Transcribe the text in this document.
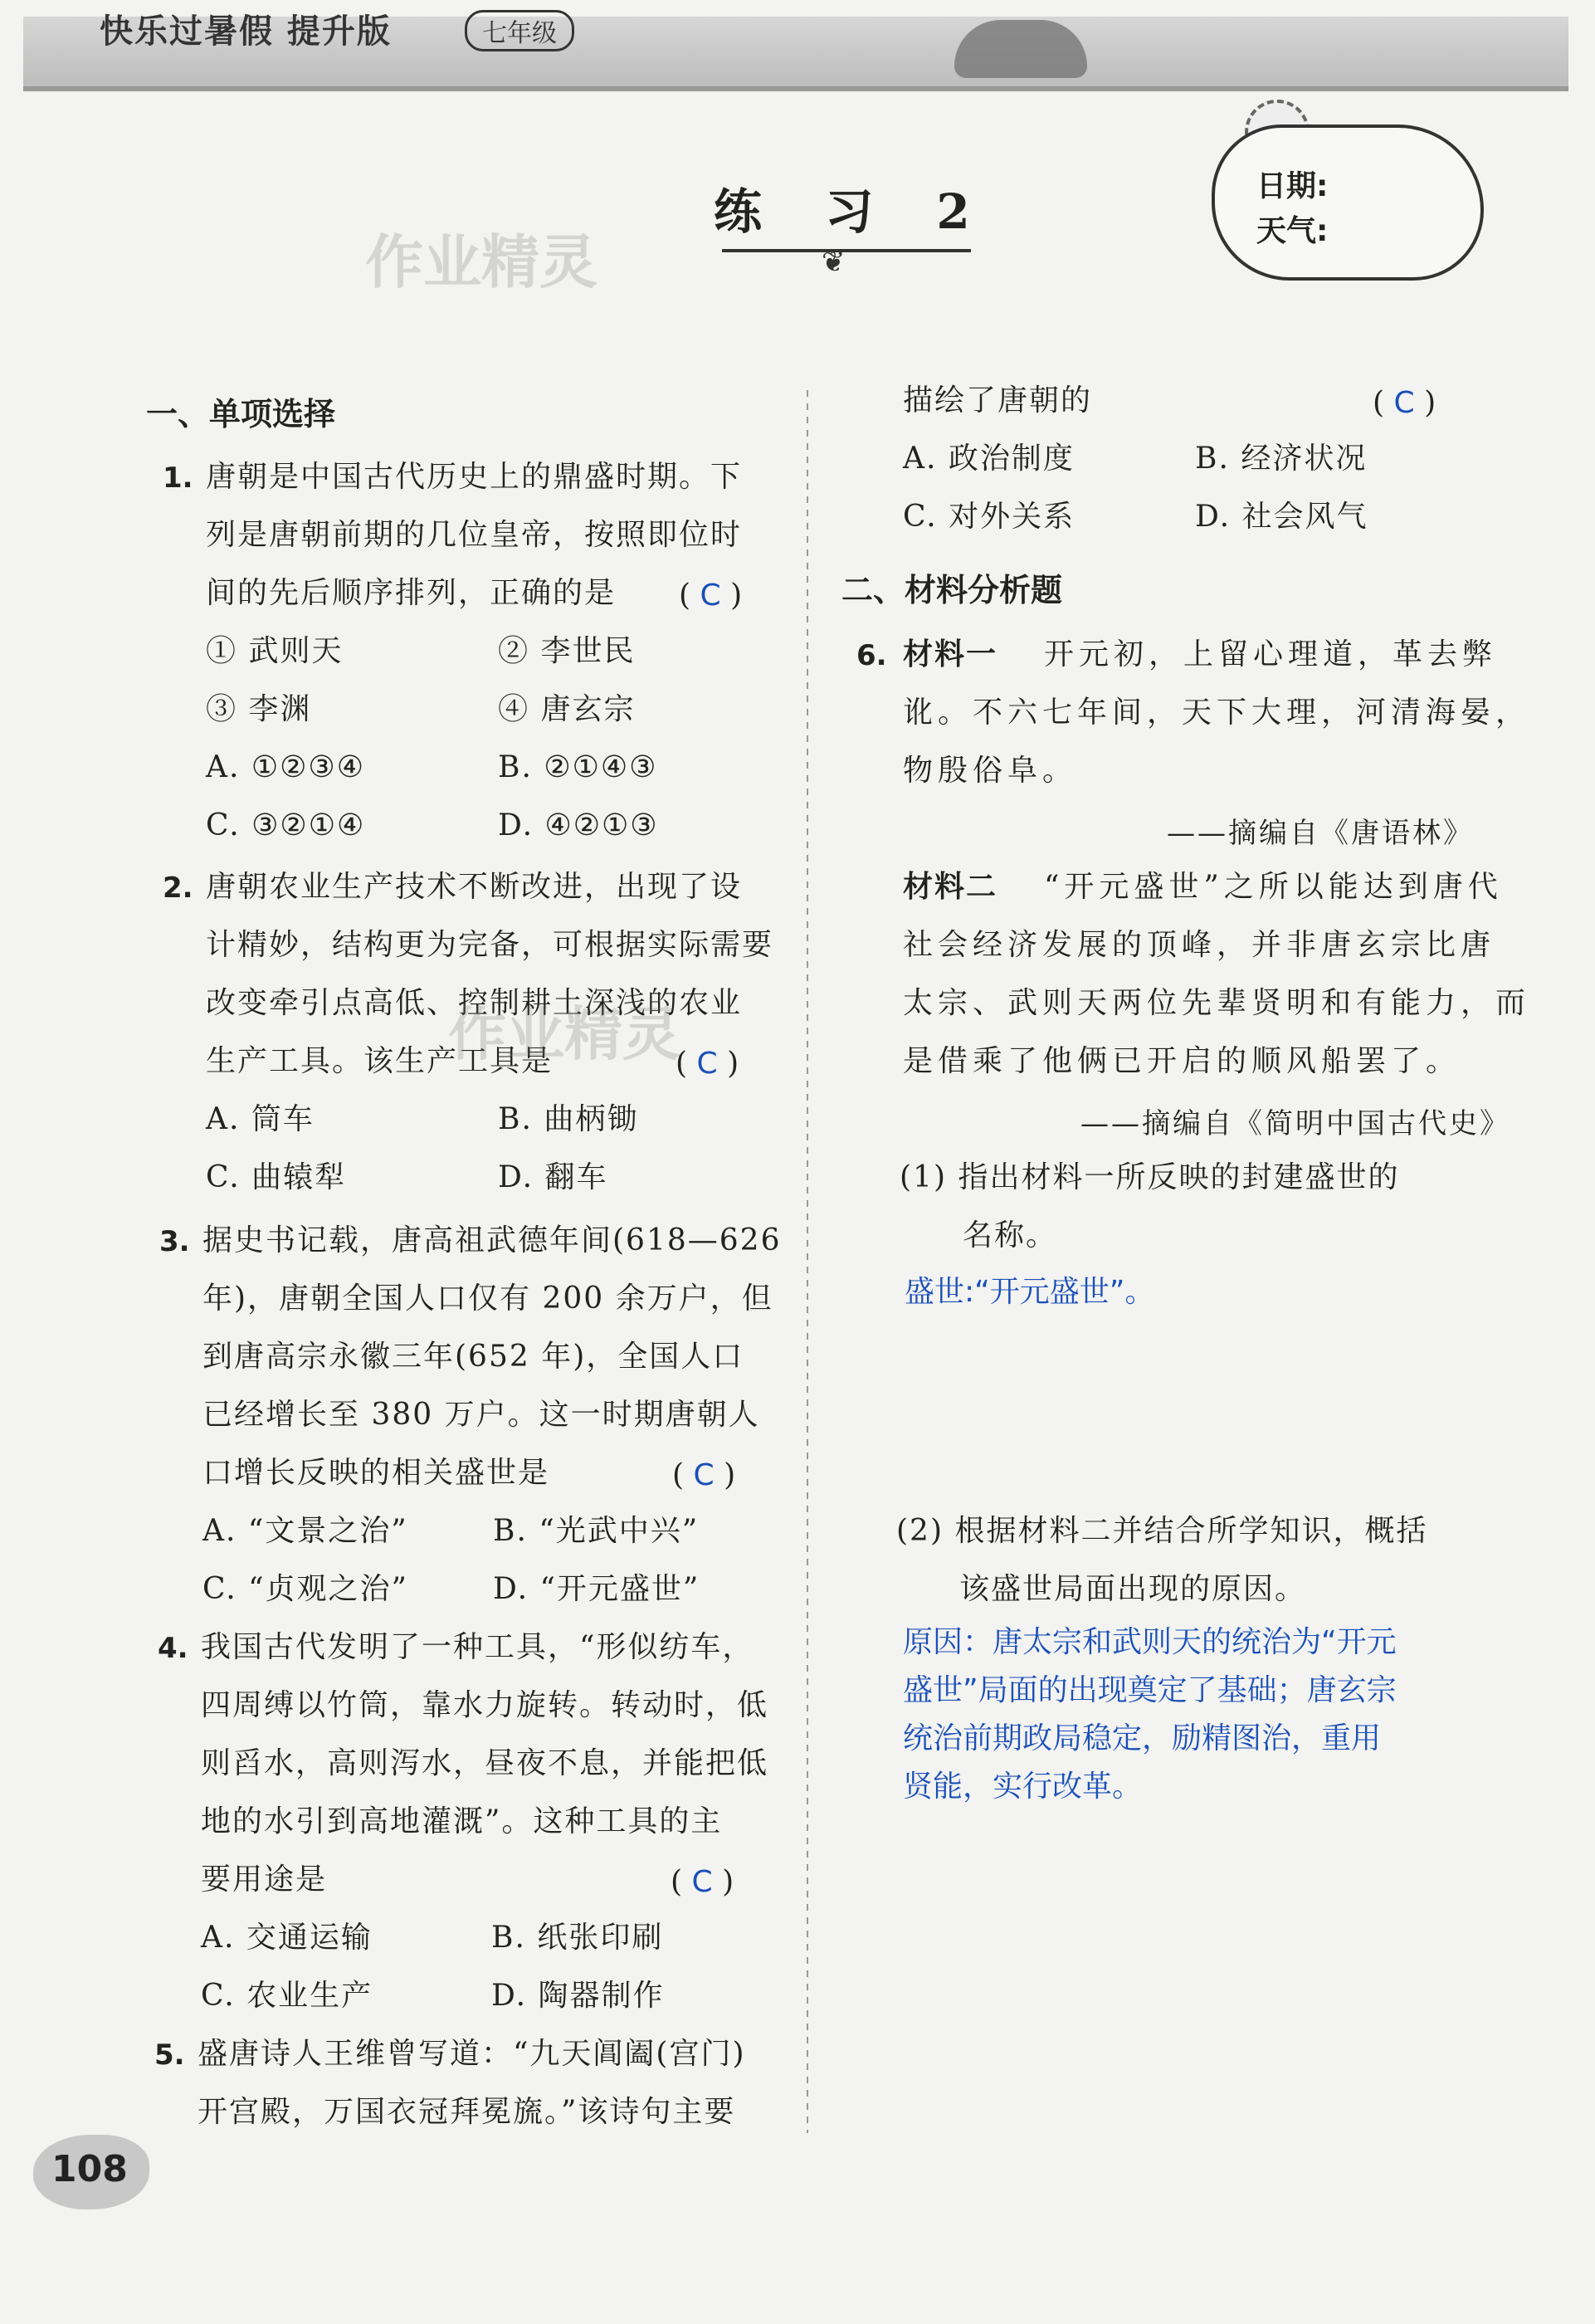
快乐过暑假 提升版	七年级
作业精灵
练 习 2
❦
日期:
天气:
一、单项选择
1. 唐朝是中国古代历史上的鼎盛时期。下
列是唐朝前期的几位皇帝，按照即位时
间的先后顺序排列，正确的是 ( C )
① 武则天	② 李世民
③ 李渊	④ 唐玄宗
A. ①②③④	B. ②①④③
C. ③②①④	D. ④②①③
2. 唐朝农业生产技术不断改进，出现了设
计精妙，结构更为完备，可根据实际需要
改变牵引点高低、控制耕土深浅的农业
生产工具。该生产工具是	( C )
作业精灵
A. 筒车	B. 曲柄锄
C. 曲辕犁	D. 翻车
3. 据史书记载，唐高祖武德年间(618—626
年)，唐朝全国人口仅有 200 余万户，但
到唐高宗永徽三年(652 年)，全国人口
已经增长至 380 万户。这一时期唐朝人
口增长反映的相关盛世是	( C )
A. “文景之治”	B. “光武中兴”
C. “贞观之治”	D. “开元盛世”
4. 我国古代发明了一种工具，“形似纺车，
四周缚以竹筒，靠水力旋转。转动时，低
则舀水，高则泻水，昼夜不息，并能把低
地的水引到高地灌溉”。这种工具的主
要用途是	( C )
A. 交通运输	B. 纸张印刷
C. 农业生产	D. 陶器制作
5. 盛唐诗人王维曾写道：“九天阊阖(宫门)
开宫殿，万国衣冠拜冕旒。”该诗句主要
描绘了唐朝的	( C )
A. 政治制度	B. 经济状况
C. 对外关系	D. 社会风气
二、材料分析题
6. 材料一 开元初，上留心理道，革去弊
讹。不六七年间，天下大理，河清海晏，
物殷俗阜。
——摘编自《唐语林》
材料二 “开元盛世”之所以能达到唐代
社会经济发展的顶峰，并非唐玄宗比唐
太宗、武则天两位先辈贤明和有能力，而
是借乘了他俩已开启的顺风船罢了。
——摘编自《简明中国古代史》
(1) 指出材料一所反映的封建盛世的
名称。
盛世:“开元盛世”。
(2) 根据材料二并结合所学知识，概括
该盛世局面出现的原因。
原因：唐太宗和武则天的统治为“开元
盛世”局面的出现奠定了基础；唐玄宗
统治前期政局稳定，励精图治，重用
贤能，实行改革。
108
